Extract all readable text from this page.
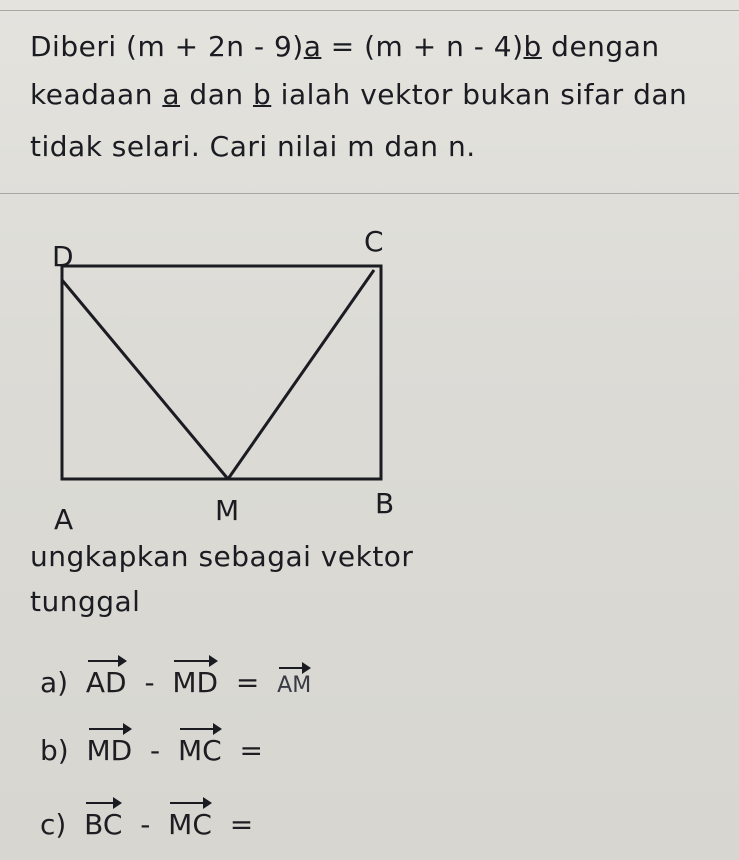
Diberi (m + 2n - 9)a = (m + n - 4)b dengan
keadaan a dan b ialah vektor bukan sifar dan
tidak selari. Cari nilai m dan n.
D	C
A	M	B
ungkapkan sebagai vektor
tunggal
a) AD - MD = AM
b) MD - MC =
c) BC - MC =
